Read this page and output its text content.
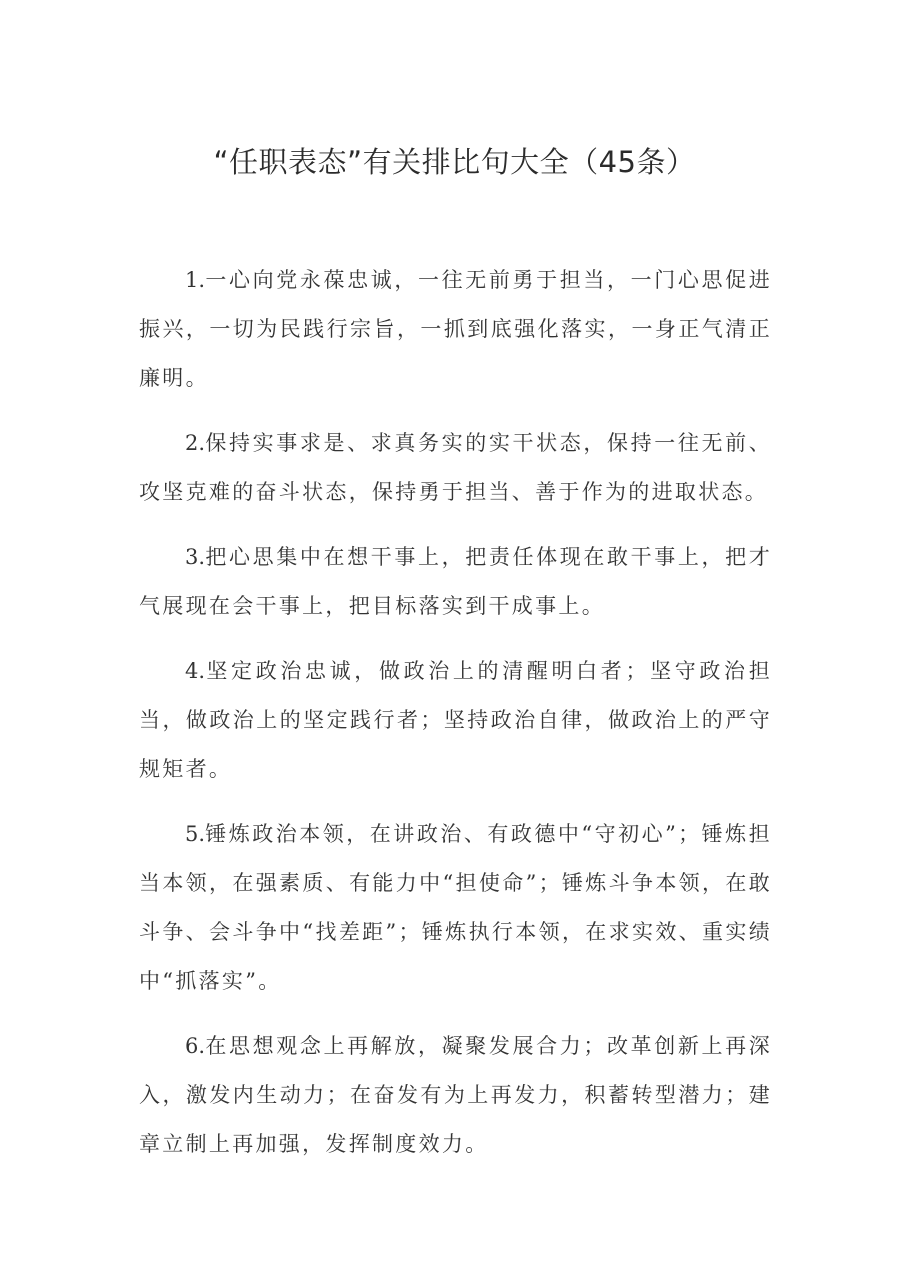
“任职表态”有关排比句大全（45条）

1.一心向党永葆忠诚，一往无前勇于担当，一门心思促进振兴，一切为民践行宗旨，一抓到底强化落实，一身正气清正廉明。

2.保持实事求是、求真务实的实干状态，保持一往无前、攻坚克难的奋斗状态，保持勇于担当、善于作为的进取状态。

3.把心思集中在想干事上，把责任体现在敢干事上，把才气展现在会干事上，把目标落实到干成事上。

4.坚定政治忠诚，做政治上的清醒明白者；坚守政治担当，做政治上的坚定践行者；坚持政治自律，做政治上的严守规矩者。

5.锤炼政治本领，在讲政治、有政德中“守初心”；锤炼担当本领，在强素质、有能力中“担使命”；锤炼斗争本领，在敢斗争、会斗争中“找差距”；锤炼执行本领，在求实效、重实绩中“抓落实”。

6.在思想观念上再解放，凝聚发展合力；改革创新上再深入，激发内生动力；在奋发有为上再发力，积蓄转型潜力；建章立制上再加强，发挥制度效力。
